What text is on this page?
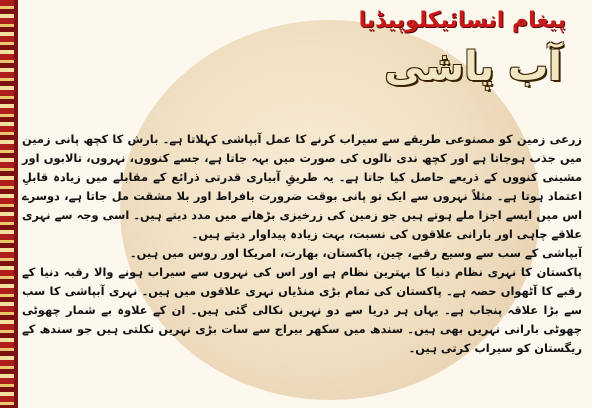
پیغام انسائیکلوپیڈیا
آب پاشی

زرعی زمین کو مصنوعی طریقے سے سیراب کرنے کا عمل آبپاشی کہلاتا ہے۔ بارش کا کچھ پانی زمین میں جذب ہوجاتا ہے اور کچھ ندی نالوں کی صورت میں بہہ جاتا ہے، جسے کنووں، نہروں، تالابوں اور مشینی کنووں کے ذریعے حاصل کیا جاتا ہے۔ یہ طریقِ آبیاری قدرتی ذرائع کے مقابلے میں زیادہ قابلِ اعتماد ہوتا ہے۔ مثلاً نہروں سے ایک تو پانی بوقت ضرورت بافراط اور بلا مشقت مل جاتا ہے، دوسرے اس میں ایسے اجزا ملے ہوتے ہیں جو زمین کی زرخیزی بڑھانے میں مدد دیتے ہیں۔ اسی وجہ سے نہری علاقے چاہی اور بارانی علاقوں کی نسبت، بہت زیادہ پیداوار دیتے ہیں۔

آبپاشی کے سب سے وسیع رقبے، چین، پاکستان، بھارت، امریکا اور روس میں ہیں۔

پاکستان کا نہری نظام دنیا کا بہترین نظام ہے اور اس کی نہروں سے سیراب ہونے والا رقبہ دنیا کے رقبے کا آٹھواں حصہ ہے۔ پاکستان کی تمام بڑی منڈیاں نہری علاقوں میں ہیں۔ نہری آبپاشی کا سب سے بڑا علاقہ پنجاب ہے۔ یہاں ہر دریا سے دو نہریں نکالی گئی ہیں۔ ان کے علاوہ بے شمار چھوٹی چھوٹی بارانی نہریں بھی ہیں۔ سندھ میں سکھر بیراج سے سات بڑی نہریں نکلتی ہیں جو سندھ کے ریگستان کو سیراب کرتی ہیں۔
